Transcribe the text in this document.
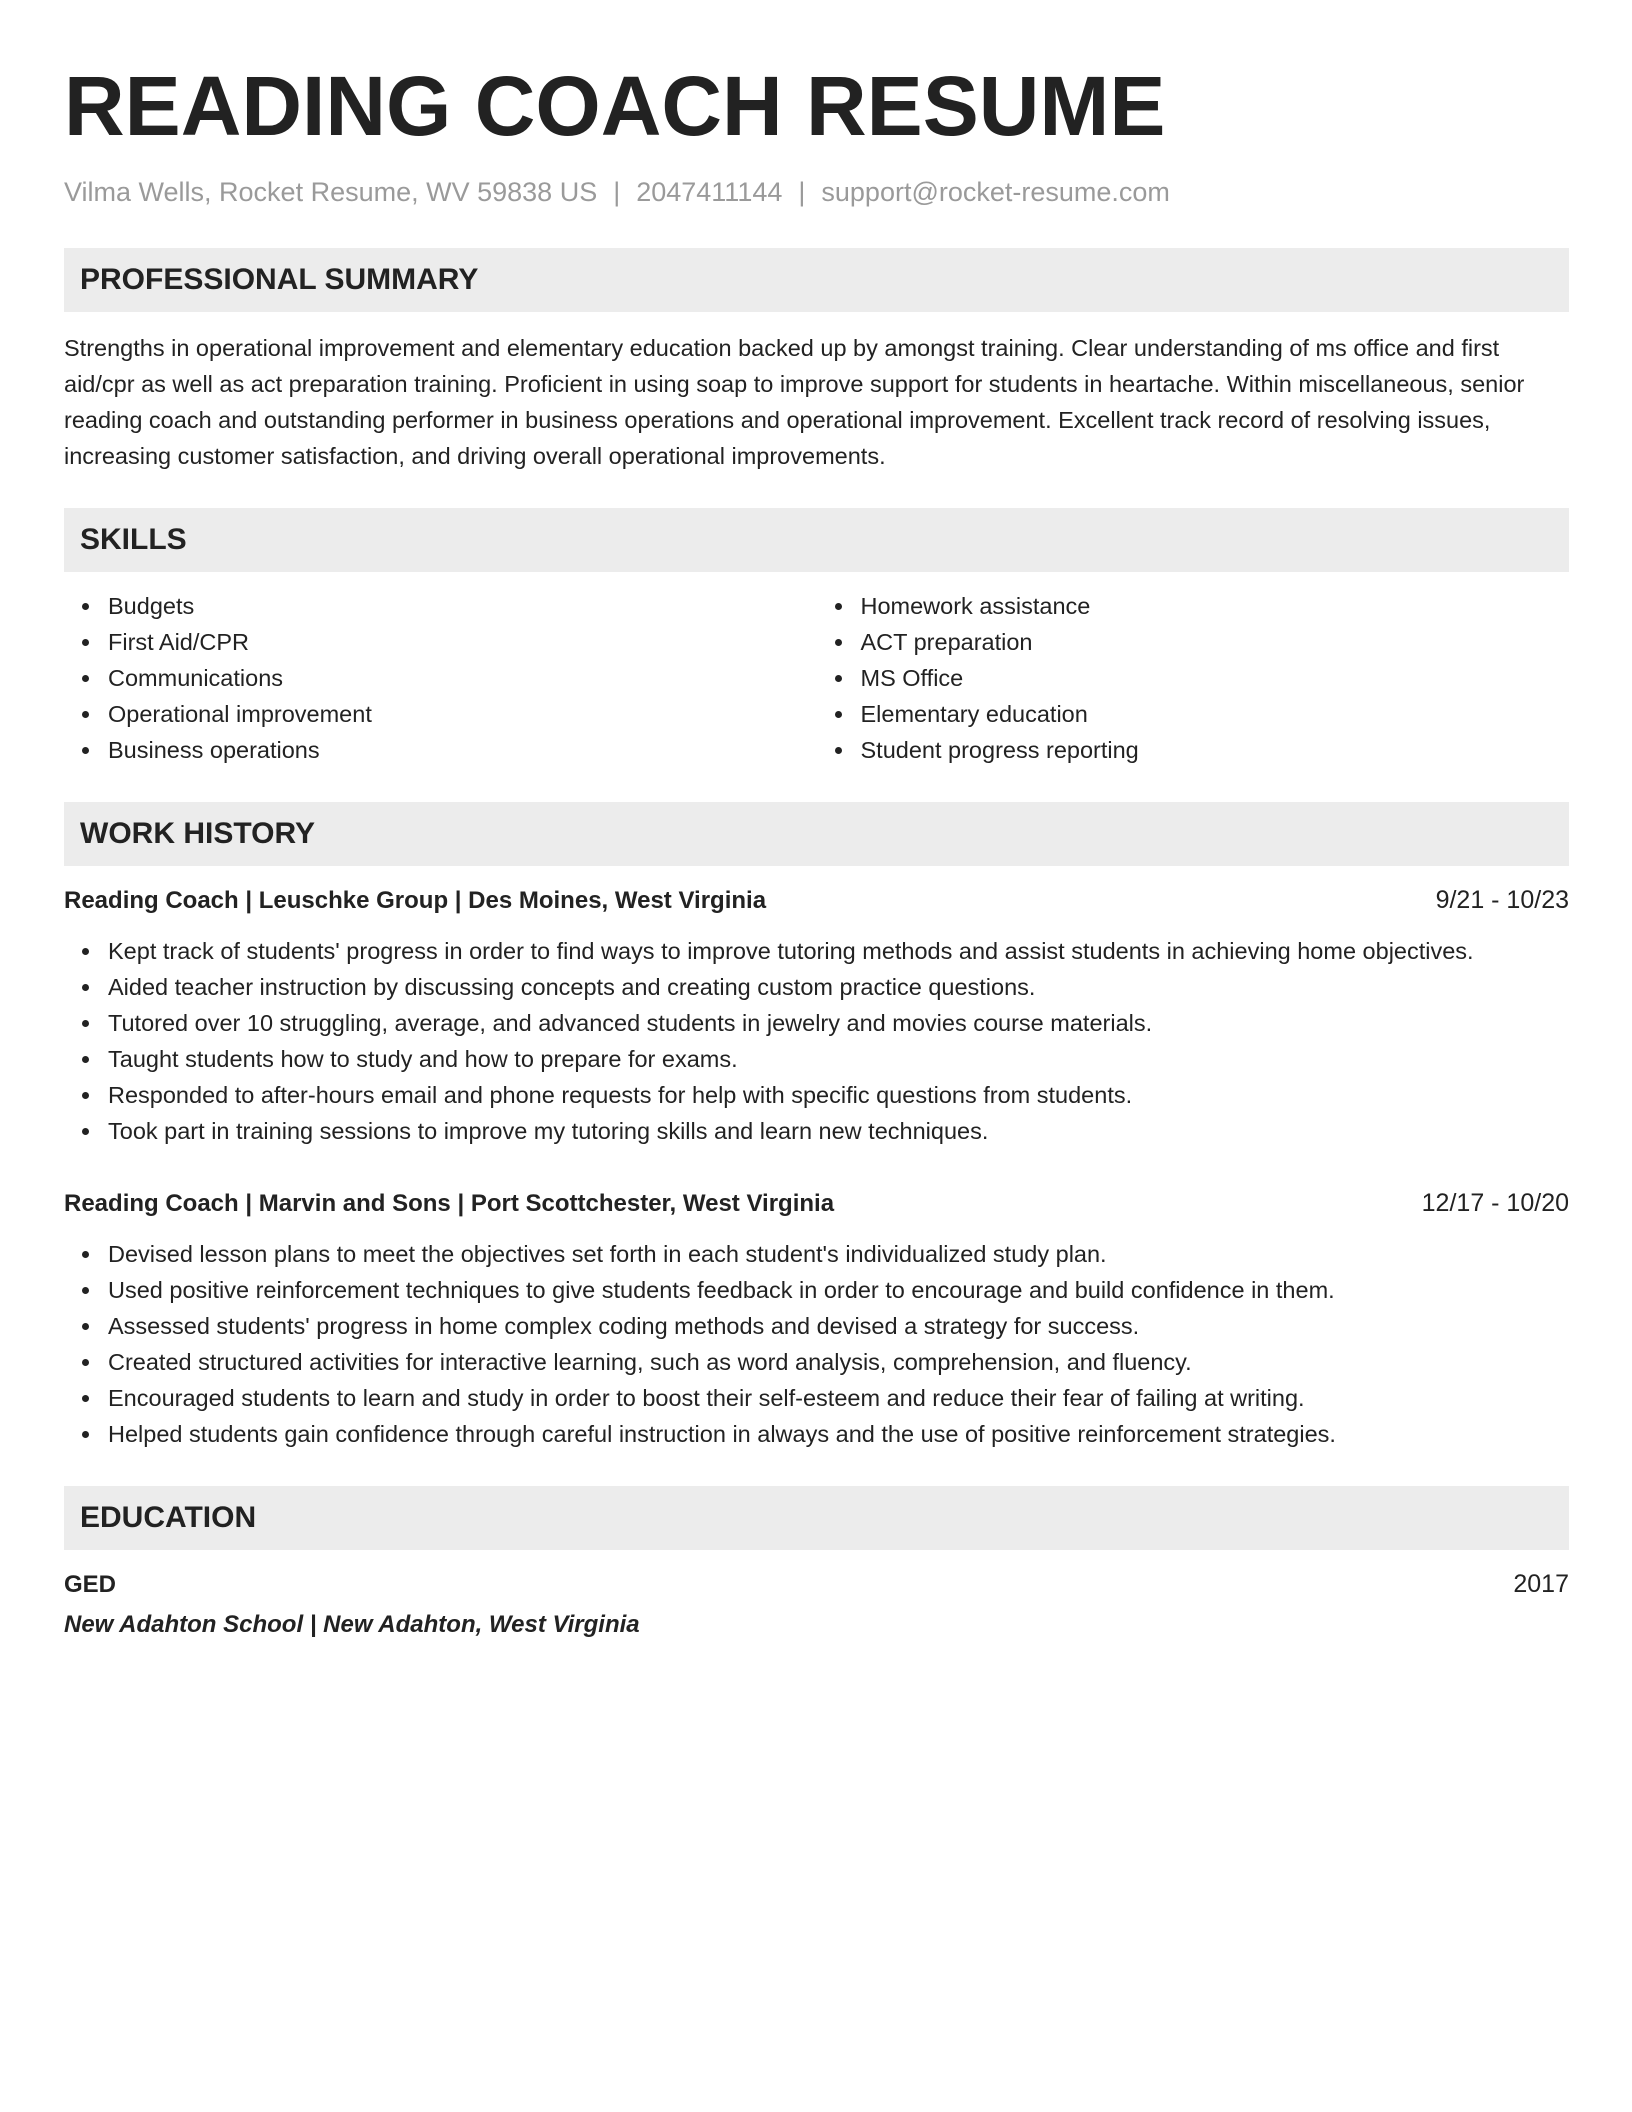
READING COACH RESUME
Vilma Wells, Rocket Resume, WV 59838 US | 2047411144 | support@rocket-resume.com
PROFESSIONAL SUMMARY

Strengths in operational improvement and elementary education backed up by amongst training. Clear understanding of ms office and first aid/cpr as well as act preparation training. Proficient in using soap to improve support for students in heartache. Within miscellaneous, senior reading coach and outstanding performer in business operations and operational improvement. Excellent track record of resolving issues, increasing customer satisfaction, and driving overall operational improvements.

SKILLS
Budgets
First Aid/CPR
Communications
Operational improvement
Business operations
Homework assistance
ACT preparation
MS Office
Elementary education
Student progress reporting
WORK HISTORY
Reading Coach | Leuschke Group | Des Moines, West Virginia	9/21 - 10/23
Kept track of students' progress in order to find ways to improve tutoring methods and assist students in achieving home objectives.
Aided teacher instruction by discussing concepts and creating custom practice questions.
Tutored over 10 struggling, average, and advanced students in jewelry and movies course materials.
Taught students how to study and how to prepare for exams.
Responded to after-hours email and phone requests for help with specific questions from students.
Took part in training sessions to improve my tutoring skills and learn new techniques.
Reading Coach | Marvin and Sons | Port Scottchester, West Virginia	12/17 - 10/20
Devised lesson plans to meet the objectives set forth in each student's individualized study plan.
Used positive reinforcement techniques to give students feedback in order to encourage and build confidence in them.
Assessed students' progress in home complex coding methods and devised a strategy for success.
Created structured activities for interactive learning, such as word analysis, comprehension, and fluency.
Encouraged students to learn and study in order to boost their self-esteem and reduce their fear of failing at writing.
Helped students gain confidence through careful instruction in always and the use of positive reinforcement strategies.
EDUCATION
GED	2017
New Adahton School | New Adahton, West Virginia
